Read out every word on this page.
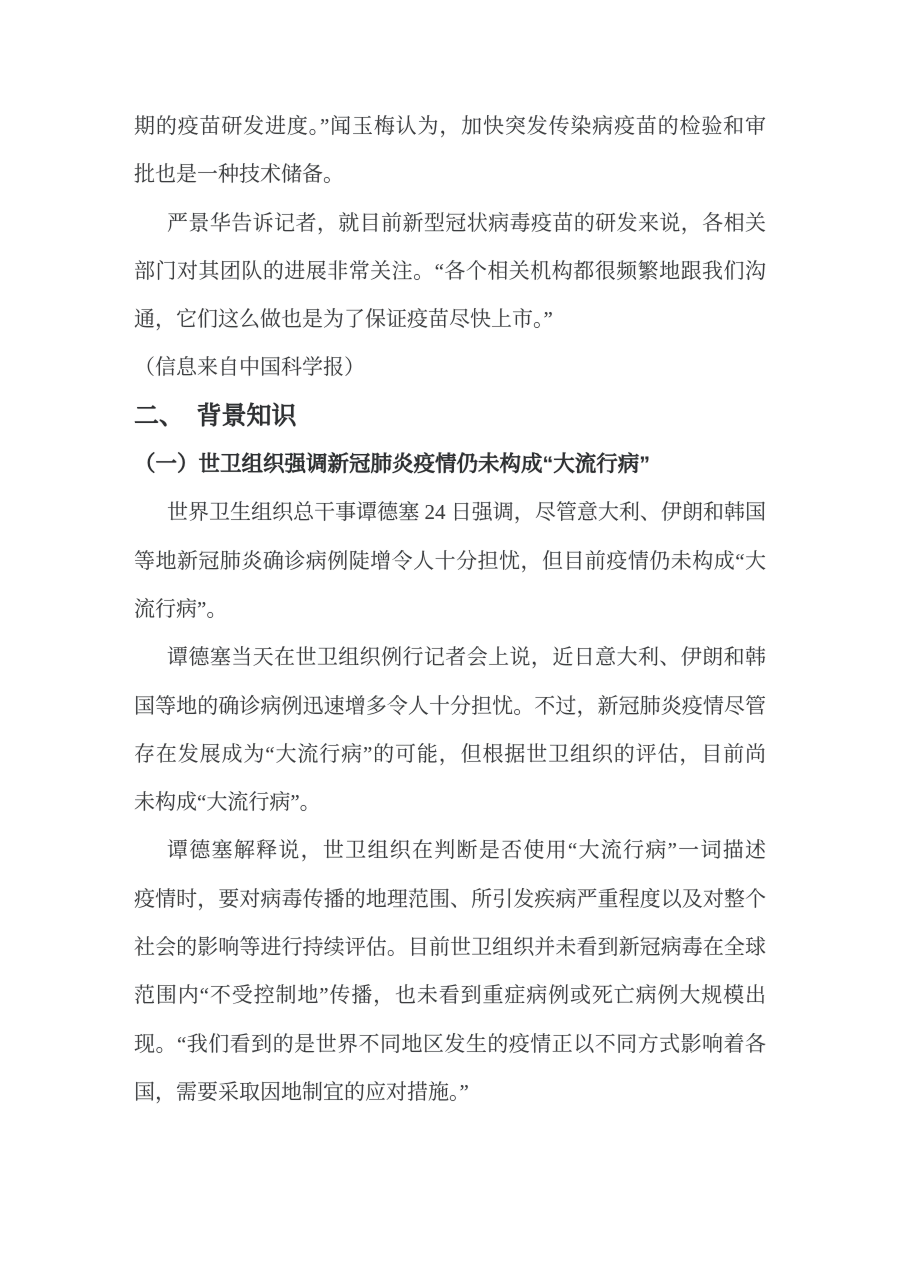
期的疫苗研发进度。”闻玉梅认为，加快突发传染病疫苗的检验和审
批也是一种技术储备。
严景华告诉记者，就目前新型冠状病毒疫苗的研发来说，各相关
部门对其团队的进展非常关注。“各个相关机构都很频繁地跟我们沟
通，它们这么做也是为了保证疫苗尽快上市。”
（信息来自中国科学报）
二、　背景知识
（一）世卫组织强调新冠肺炎疫情仍未构成“大流行病”
世界卫生组织总干事谭德塞 24 日强调，尽管意大利、伊朗和韩国
等地新冠肺炎确诊病例陡增令人十分担忧，但目前疫情仍未构成“大
流行病”。
谭德塞当天在世卫组织例行记者会上说，近日意大利、伊朗和韩
国等地的确诊病例迅速增多令人十分担忧。不过，新冠肺炎疫情尽管
存在发展成为“大流行病”的可能，但根据世卫组织的评估，目前尚
未构成“大流行病”。
谭德塞解释说，世卫组织在判断是否使用“大流行病”一词描述
疫情时，要对病毒传播的地理范围、所引发疾病严重程度以及对整个
社会的影响等进行持续评估。目前世卫组织并未看到新冠病毒在全球
范围内“不受控制地”传播，也未看到重症病例或死亡病例大规模出
现。“我们看到的是世界不同地区发生的疫情正以不同方式影响着各
国，需要采取因地制宜的应对措施。”
